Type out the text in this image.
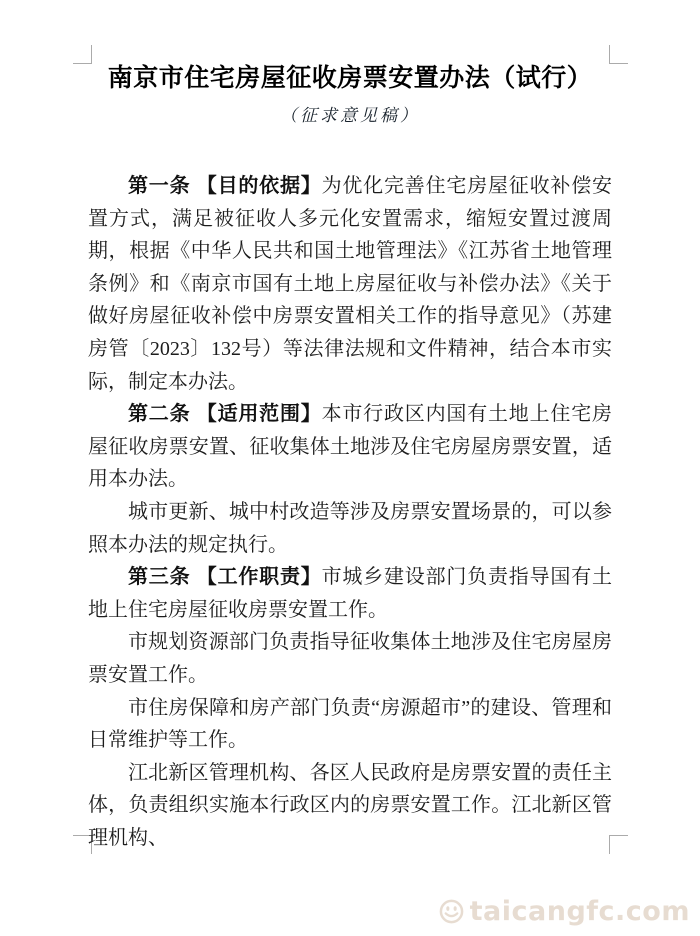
南京市住宅房屋征收房票安置办法（试行）
（征求意见稿）

第一条 【目的依据】为优化完善住宅房屋征收补偿安置方式，满足被征收人多元化安置需求，缩短安置过渡周期，根据《中华人民共和国土地管理法》《江苏省土地管理条例》和《南京市国有土地上房屋征收与补偿办法》《关于做好房屋征收补偿中房票安置相关工作的指导意见》（苏建房管〔2023〕132号）等法律法规和文件精神，结合本市实际，制定本办法。

第二条 【适用范围】本市行政区内国有土地上住宅房屋征收房票安置、征收集体土地涉及住宅房屋房票安置，适用本办法。

城市更新、城中村改造等涉及房票安置场景的，可以参照本办法的规定执行。

第三条 【工作职责】市城乡建设部门负责指导国有土地上住宅房屋征收房票安置工作。

市规划资源部门负责指导征收集体土地涉及住宅房屋房票安置工作。

市住房保障和房产部门负责“房源超市”的建设、管理和日常维护等工作。

江北新区管理机构、各区人民政府是房票安置的责任主体，负责组织实施本行政区内的房票安置工作。江北新区管理机构、

taicangfc.com
